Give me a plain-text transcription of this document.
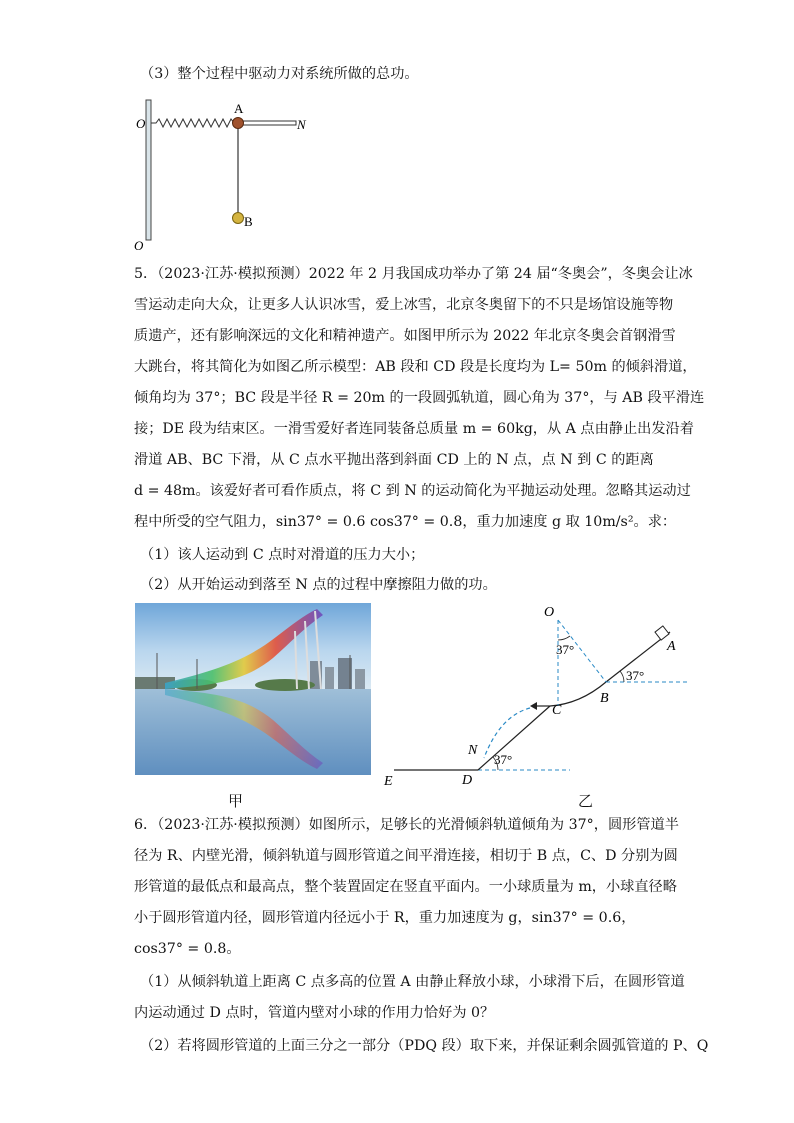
（3）整个过程中驱动力对系统所做的总功。
O
O
A
N
B
5．（2023·江苏·模拟预测）2022 年 2 月我国成功举办了第 24 届“冬奥会”，冬奥会让冰
雪运动走向大众，让更多人认识冰雪，爱上冰雪，北京冬奥留下的不只是场馆设施等物
质遗产，还有影响深远的文化和精神遗产。如图甲所示为 2022 年北京冬奥会首钢滑雪
大跳台，将其简化为如图乙所示模型：AB 段和 CD 段是长度均为 L= 50m 的倾斜滑道，
倾角均为 37°；BC 段是半径 R = 20m 的一段圆弧轨道，圆心角为 37°，与 AB 段平滑连
接；DE 段为结束区。一滑雪爱好者连同装备总质量 m = 60kg，从 A 点由静止出发沿着
滑道 AB、BC 下滑，从 C 点水平抛出落到斜面 CD 上的 N 点，点 N 到 C 的距离
d = 48m。该爱好者可看作质点，将 C 到 N 的运动简化为平抛运动处理。忽略其运动过
程中所受的空气阻力，sin37° = 0.6 cos37° = 0.8，重力加速度 g 取 10m/s²。求：
（1）该人运动到 C 点时对滑道的压力大小；
（2）从开始运动到落至 N 点的过程中摩擦阻力做的功。
O
A
B
C
D
E
N
37°
37°
37°
甲	乙
6．（2023·江苏·模拟预测）如图所示，足够长的光滑倾斜轨道倾角为 37°，圆形管道半
径为 R、内壁光滑，倾斜轨道与圆形管道之间平滑连接，相切于 B 点，C、D 分别为圆
形管道的最低点和最高点，整个装置固定在竖直平面内。一小球质量为 m，小球直径略
小于圆形管道内径，圆形管道内径远小于 R，重力加速度为 g，sin37° = 0.6，
cos37° = 0.8。
（1）从倾斜轨道上距离 C 点多高的位置 A 由静止释放小球，小球滑下后，在圆形管道
内运动通过 D 点时，管道内壁对小球的作用力恰好为 0？
（2）若将圆形管道的上面三分之一部分（PDQ 段）取下来，并保证剩余圆弧管道的 P、Q
